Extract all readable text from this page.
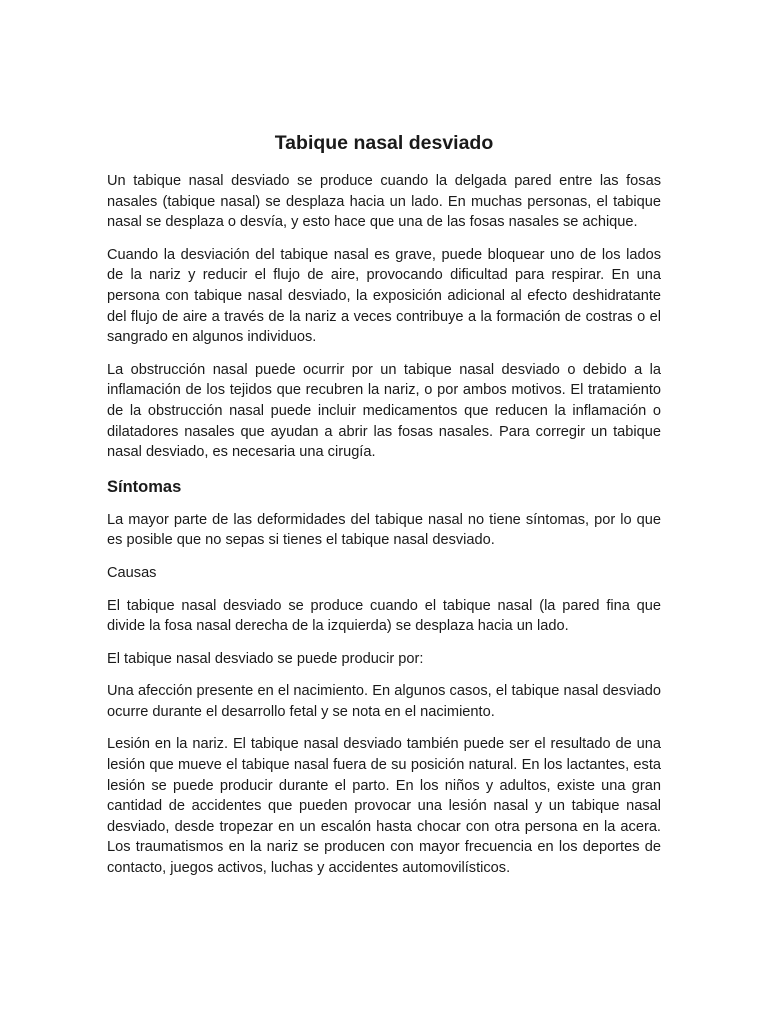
Tabique nasal desviado

Un tabique nasal desviado se produce cuando la delgada pared entre las fosas nasales (tabique nasal) se desplaza hacia un lado. En muchas personas, el tabique nasal se desplaza o desvía, y esto hace que una de las fosas nasales se achique.

Cuando la desviación del tabique nasal es grave, puede bloquear uno de los lados de la nariz y reducir el flujo de aire, provocando dificultad para respirar. En una persona con tabique nasal desviado, la exposición adicional al efecto deshidratante del flujo de aire a través de la nariz a veces contribuye a la formación de costras o el sangrado en algunos individuos.

La obstrucción nasal puede ocurrir por un tabique nasal desviado o debido a la inflamación de los tejidos que recubren la nariz, o por ambos motivos. El tratamiento de la obstrucción nasal puede incluir medicamentos que reducen la inflamación o dilatadores nasales que ayudan a abrir las fosas nasales. Para corregir un tabique nasal desviado, es necesaria una cirugía.

Síntomas

La mayor parte de las deformidades del tabique nasal no tiene síntomas, por lo que es posible que no sepas si tienes el tabique nasal desviado.

Causas

El tabique nasal desviado se produce cuando el tabique nasal (la pared fina que divide la fosa nasal derecha de la izquierda) se desplaza hacia un lado.

El tabique nasal desviado se puede producir por:

Una afección presente en el nacimiento. En algunos casos, el tabique nasal desviado ocurre durante el desarrollo fetal y se nota en el nacimiento.

Lesión en la nariz. El tabique nasal desviado también puede ser el resultado de una lesión que mueve el tabique nasal fuera de su posición natural. En los lactantes, esta lesión se puede producir durante el parto. En los niños y adultos, existe una gran cantidad de accidentes que pueden provocar una lesión nasal y un tabique nasal desviado, desde tropezar en un escalón hasta chocar con otra persona en la acera. Los traumatismos en la nariz se producen con mayor frecuencia en los deportes de contacto, juegos activos, luchas y accidentes automovilísticos.
